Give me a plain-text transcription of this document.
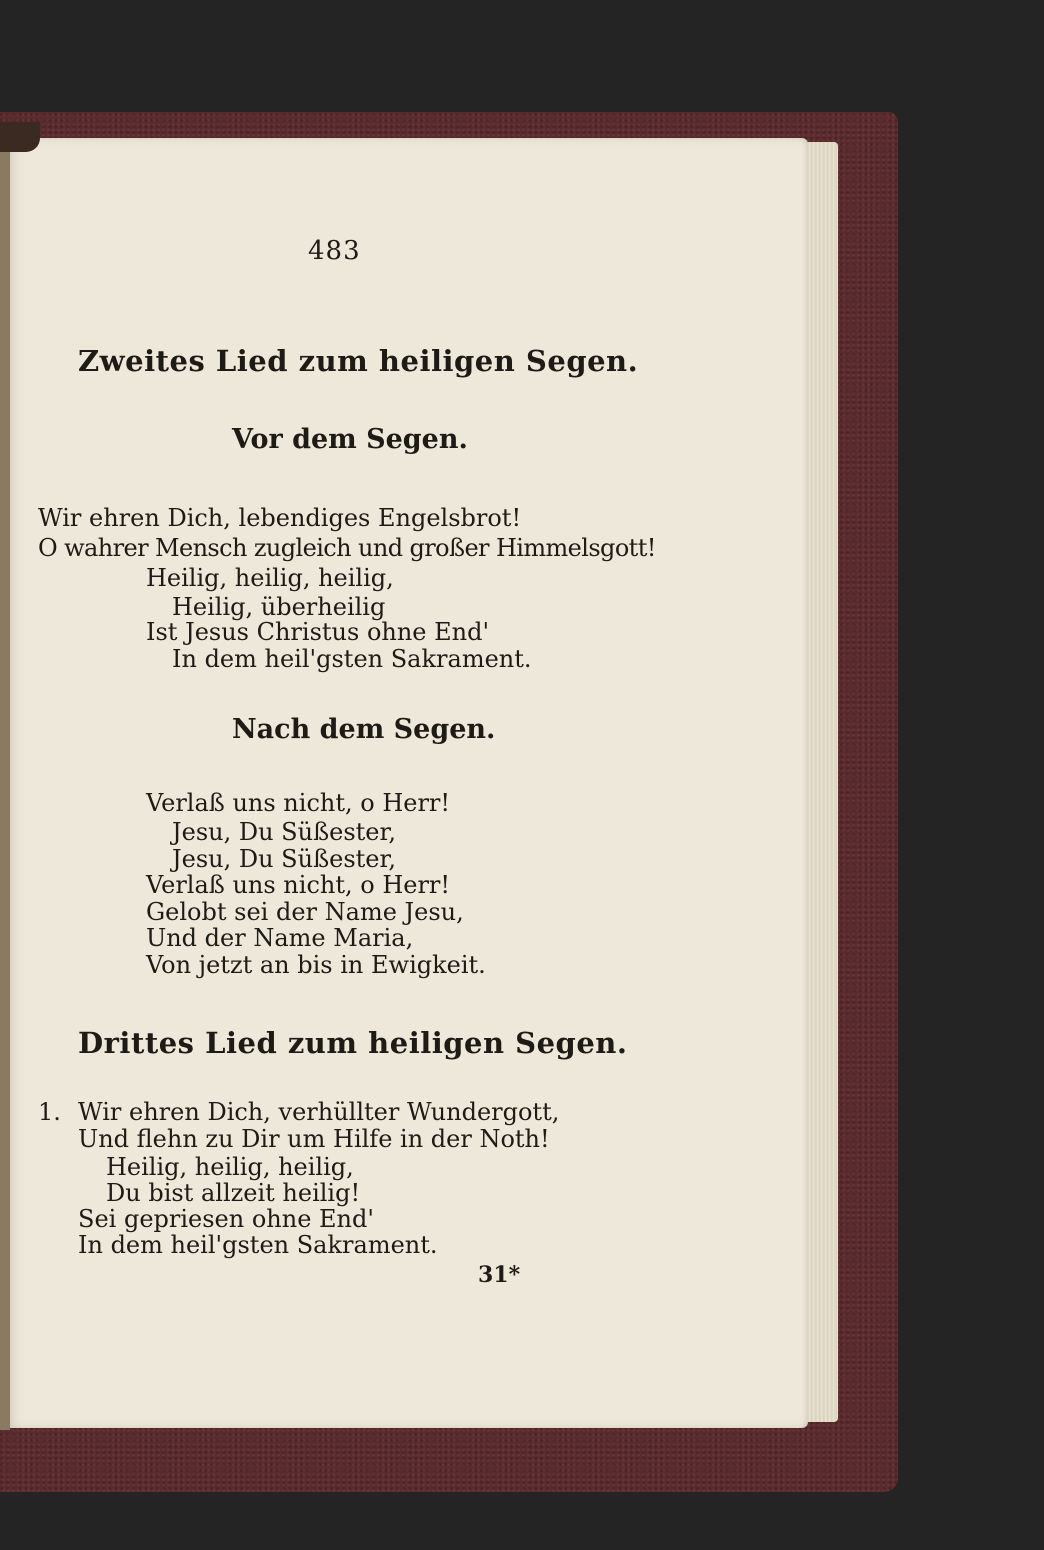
483
Zweites Lied zum heiligen Segen.
Vor dem Segen.
Wir ehren Dich, lebendiges Engelsbrot!
O wahrer Mensch zugleich und großer Himmelsgott!
Heilig, heilig, heilig,
Heilig, überheilig
Ist Jesus Christus ohne End'
In dem heil'gsten Sakrament.
Nach dem Segen.
Verlaß uns nicht, o Herr!
Jesu, Du Süßester,
Jesu, Du Süßester,
Verlaß uns nicht, o Herr!
Gelobt sei der Name Jesu,
Und der Name Maria,
Von jetzt an bis in Ewigkeit.
Drittes Lied zum heiligen Segen.
1. Wir ehren Dich, verhüllter Wundergott,
Und flehn zu Dir um Hilfe in der Noth!
Heilig, heilig, heilig,
Du bist allzeit heilig!
Sei gepriesen ohne End'
In dem heil'gsten Sakrament.
31*
